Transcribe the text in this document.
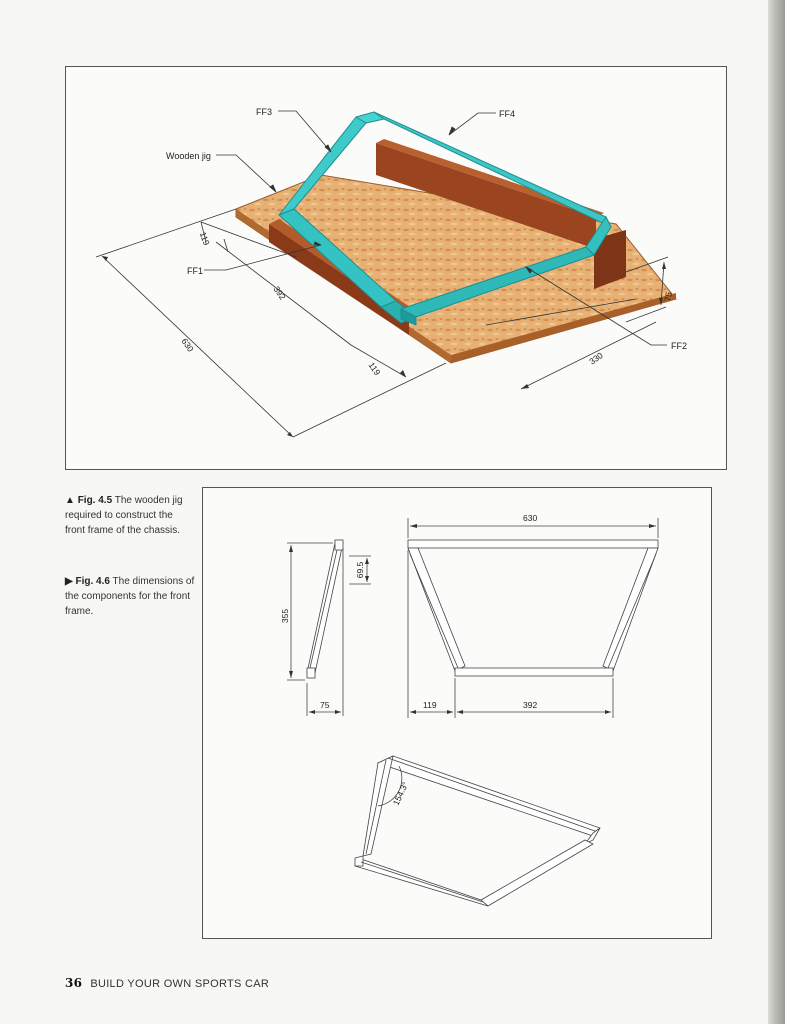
FF3	FF4
Wooden jig
FF1
FF2
119
392
630
119
330
75
▲ Fig. 4.5 The wooden jig required to construct the front frame of the chassis.
▶ Fig. 4.6 The dimensions of the components for the front frame.
630
355
69.5
75	119	392
154.3°
36 BUILD YOUR OWN SPORTS CAR
